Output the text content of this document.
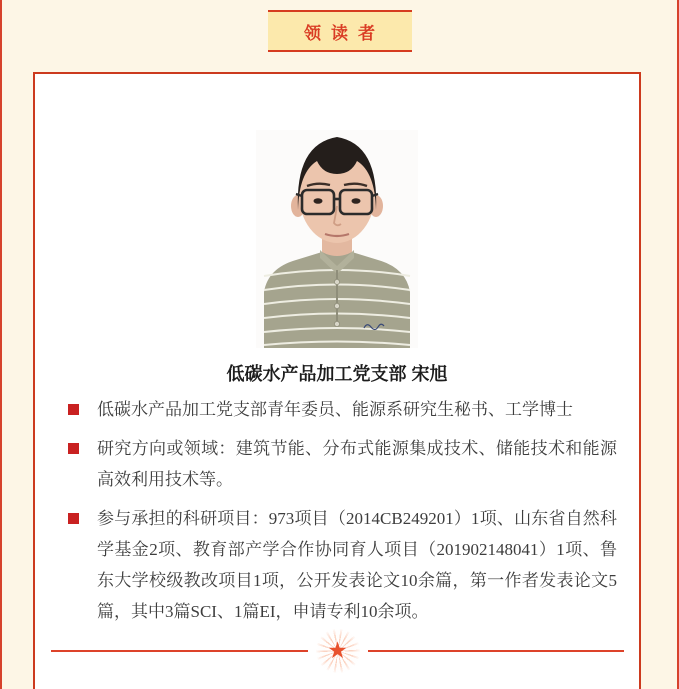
领读者
低碳水产品加工党支部 宋旭
低碳水产品加工党支部青年委员、能源系研究生秘书、工学博士
研究方向或领域：建筑节能、分布式能源集成技术、储能技术和能源高效利用技术等。
参与承担的科研项目：973项目（2014CB249201）1项、山东省自然科学基金2项、教育部产学合作协同育人项目（201902148041）1项、鲁东大学校级教改项目1项，公开发表论文10余篇，第一作者发表论文5篇，其中3篇SCI、1篇EI，申请专利10余项。
★
